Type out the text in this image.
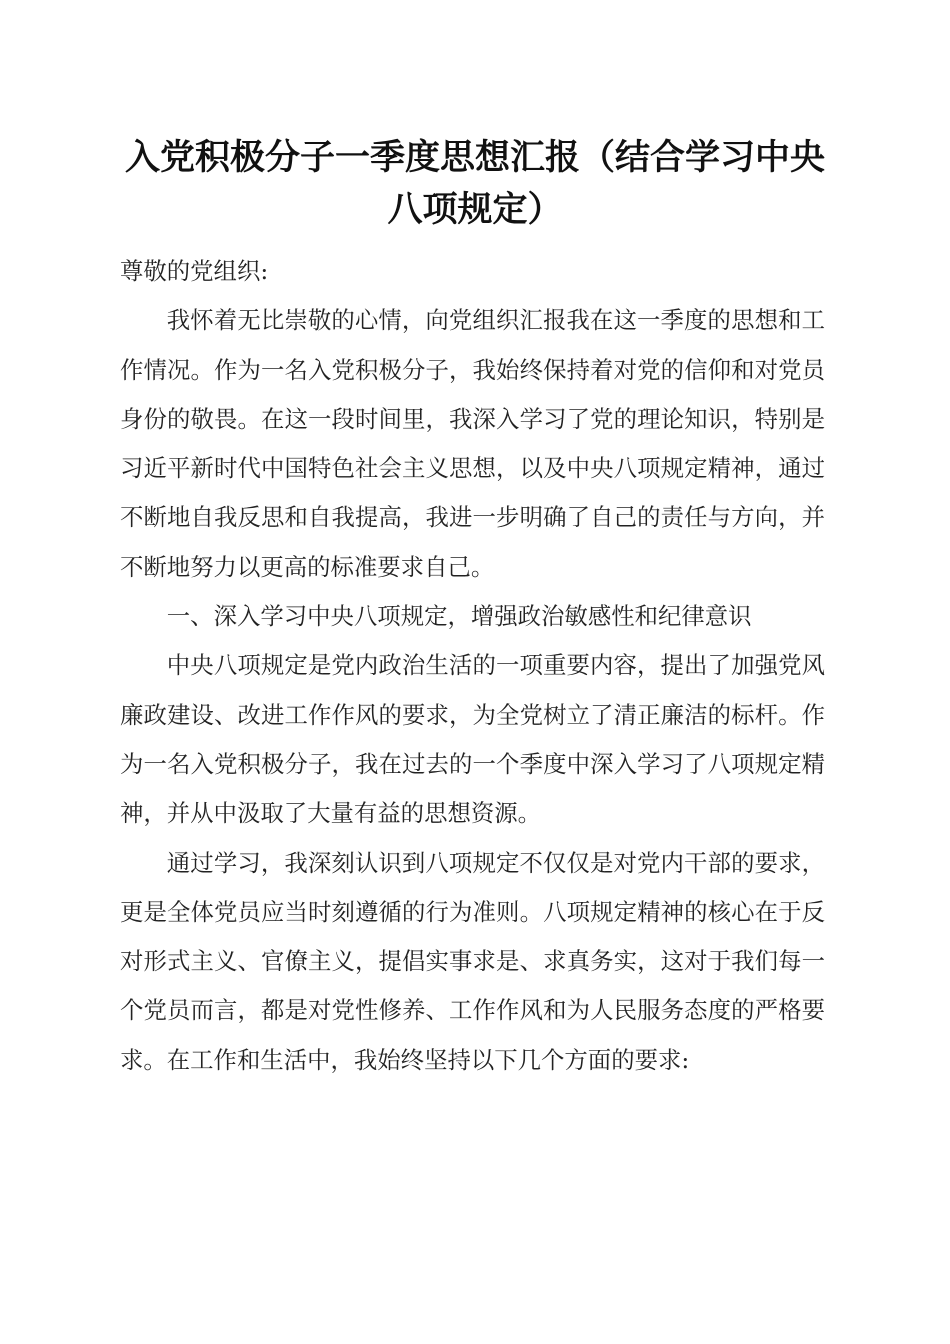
入党积极分子一季度思想汇报（结合学习中央
八项规定）

尊敬的党组织:

我怀着无比崇敬的心情，向党组织汇报我在这一季度的思想和工作情况。作为一名入党积极分子，我始终保持着对党的信仰和对党员身份的敬畏。在这一段时间里，我深入学习了党的理论知识，特别是习近平新时代中国特色社会主义思想，以及中央八项规定精神，通过不断地自我反思和自我提高，我进一步明确了自己的责任与方向，并不断地努力以更高的标准要求自己。

一、深入学习中央八项规定，增强政治敏感性和纪律意识

中央八项规定是党内政治生活的一项重要内容，提出了加强党风廉政建设、改进工作作风的要求，为全党树立了清正廉洁的标杆。作为一名入党积极分子，我在过去的一个季度中深入学习了八项规定精神，并从中汲取了大量有益的思想资源。

通过学习，我深刻认识到八项规定不仅仅是对党内干部的要求，更是全体党员应当时刻遵循的行为准则。八项规定精神的核心在于反对形式主义、官僚主义，提倡实事求是、求真务实，这对于我们每一个党员而言，都是对党性修养、工作作风和为人民服务态度的严格要求。在工作和生活中，我始终坚持以下几个方面的要求:
